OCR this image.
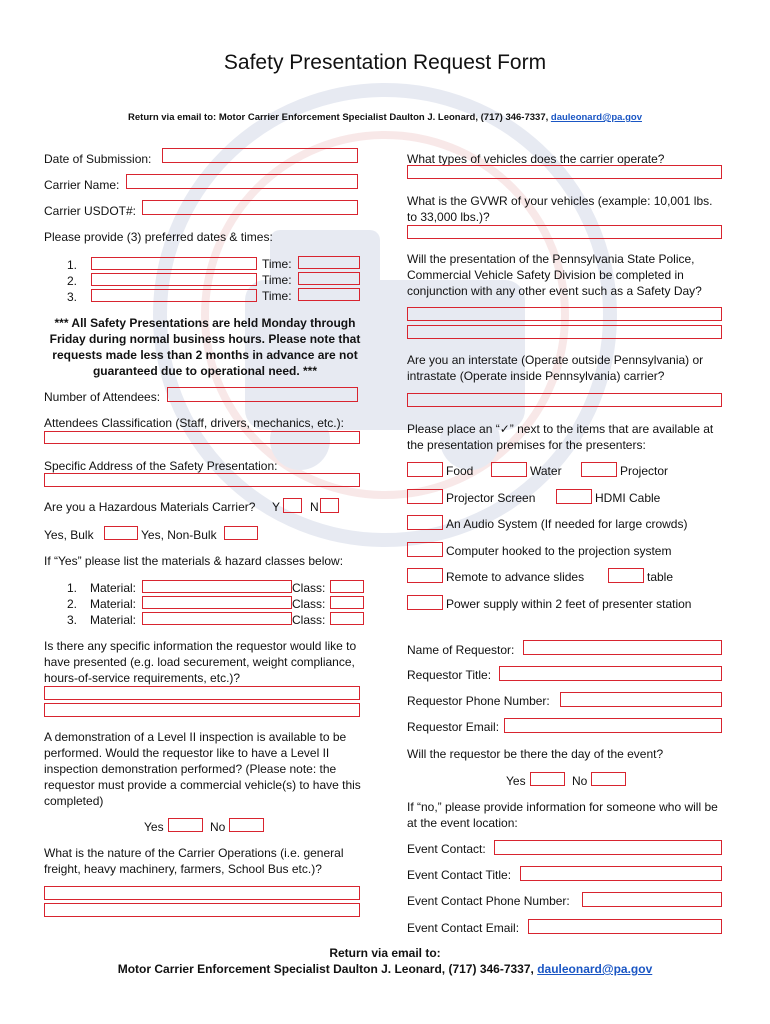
Safety Presentation Request Form
Return via email to: Motor Carrier Enforcement Specialist Daulton J. Leonard, (717) 346-7337, dauleonard@pa.gov
Date of Submission:
Carrier Name:
Carrier USDOT#:
Please provide (3) preferred dates & times:
1.	Time:
2.	Time:
3.	Time:
*** All Safety Presentations are held Monday through Friday during normal business hours. Please note that requests made less than 2 months in advance are not guaranteed due to operational need. ***
Number of Attendees:
Attendees Classification (Staff, drivers, mechanics, etc.):
Specific Address of the Safety Presentation:
Are you a Hazardous Materials Carrier? Y N
Yes, Bulk	Yes, Non-Bulk
If “Yes” please list the materials & hazard classes below:
1. Material:	Class:
2. Material:	Class:
3. Material:	Class:
Is there any specific information the requestor would like to have presented (e.g. load securement, weight compliance, hours-of-service requirements, etc.)?
A demonstration of a Level II inspection is available to be performed. Would the requestor like to have a Level II inspection demonstration performed? (Please note: the requestor must provide a commercial vehicle(s) to have this completed)
Yes	No
What is the nature of the Carrier Operations (i.e. general freight, heavy machinery, farmers, School Bus etc.)?
What types of vehicles does the carrier operate?
What is the GVWR of your vehicles (example: 10,001 lbs. to 33,000 lbs.)?
Will the presentation of the Pennsylvania State Police, Commercial Vehicle Safety Division be completed in conjunction with any other event such as a Safety Day?
Are you an interstate (Operate outside Pennsylvania) or intrastate (Operate inside Pennsylvania) carrier?
Please place an “✓” next to the items that are available at the presentation premises for the presenters:
Food	Water	Projector
Projector Screen	HDMI Cable
An Audio System (If needed for large crowds)
Computer hooked to the projection system
Remote to advance slides	table
Power supply within 2 feet of presenter station
Name of Requestor:
Requestor Title:
Requestor Phone Number:
Requestor Email:
Will the requestor be there the day of the event?
Yes	No
If “no,” please provide information for someone who will be at the event location:
Event Contact:
Event Contact Title:
Event Contact Phone Number:
Event Contact Email:
Return via email to:
Motor Carrier Enforcement Specialist Daulton J. Leonard, (717) 346-7337, dauleonard@pa.gov
